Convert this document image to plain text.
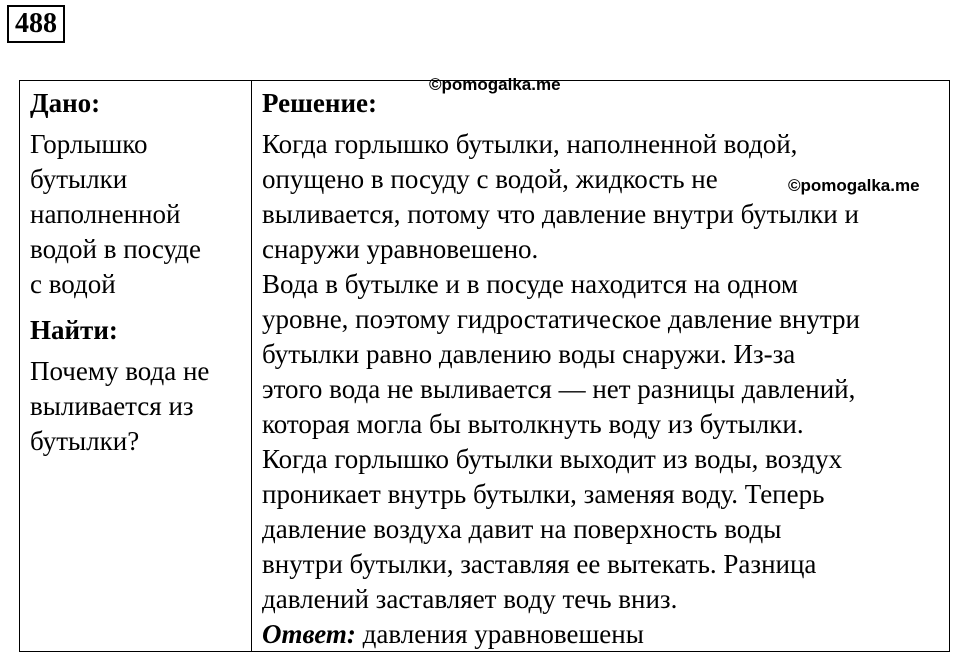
488
©pomogalka.me
©pomogalka.me
Дано:
Горлышко
бутылки
наполненной
водой в посуде
с водой
Найти:
Почему вода не
выливается из
бутылки?
Решение:
Когда горлышко бутылки, наполненной водой,
опущено в посуду с водой, жидкость не
выливается, потому что давление внутри бутылки и
снаружи уравновешено.
Вода в бутылке и в посуде находится на одном
уровне, поэтому гидростатическое давление внутри
бутылки равно давлению воды снаружи. Из-за
этого вода не выливается — нет разницы давлений,
которая могла бы вытолкнуть воду из бутылки.
Когда горлышко бутылки выходит из воды, воздух
проникает внутрь бутылки, заменяя воду. Теперь
давление воздуха давит на поверхность воды
внутри бутылки, заставляя ее вытекать. Разница
давлений заставляет воду течь вниз.
Ответ: давления уравновешены
